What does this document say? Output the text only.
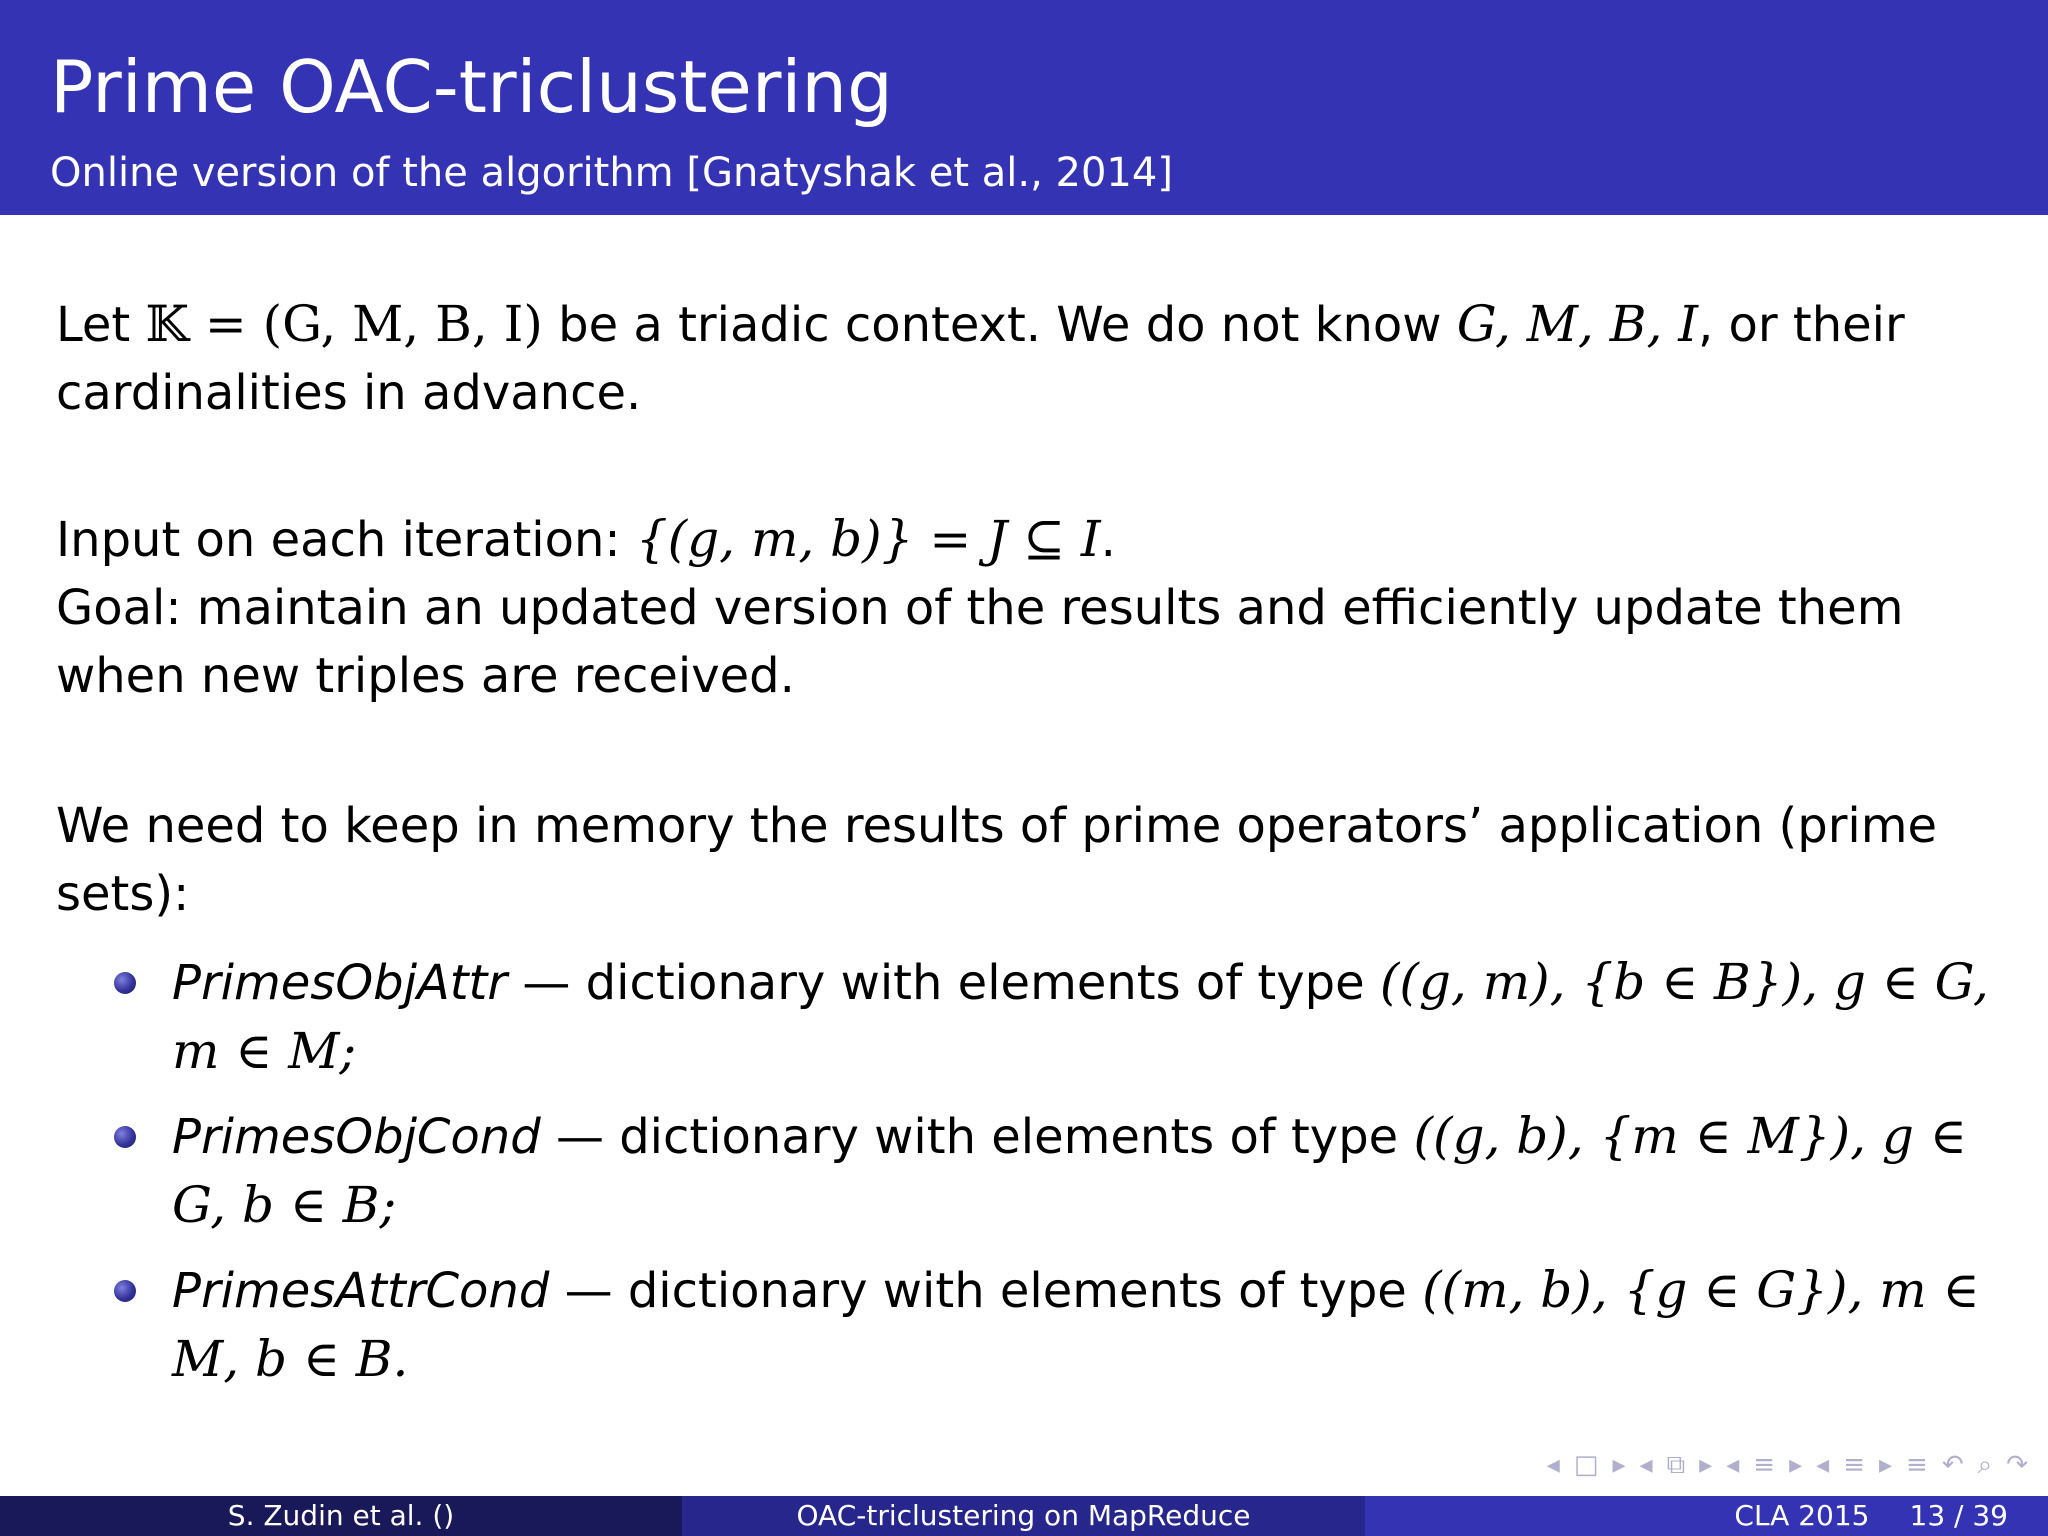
Prime OAC-triclustering
Online version of the algorithm [Gnatyshak et al., 2014]

Let 𝕂 = (G, M, B, I) be a triadic context. We do not know G, M, B, I, or their cardinalities in advance.

Input on each iteration: {(g, m, b)} = J ⊆ I.

Goal: maintain an updated version of the results and efficiently update them when new triples are received.

We need to keep in memory the results of prime operators’ application (prime sets):

PrimesObjAttr — dictionary with elements of type ((g, m), {b ∈ B}), g ∈ G, m ∈ M;
PrimesObjCond — dictionary with elements of type ((g, b), {m ∈ M}), g ∈ G, b ∈ B;
PrimesAttrCond — dictionary with elements of type ((m, b), {g ∈ G}), m ∈ M, b ∈ B.
◂ □ ▸ ◂ ⧉ ▸ ◂ ≡ ▸ ◂ ≡ ▸ ≡ ↶ ⌕ ↷
S. Zudin et al. ()	OAC-triclustering on MapReduce	CLA 2015 13 / 39
